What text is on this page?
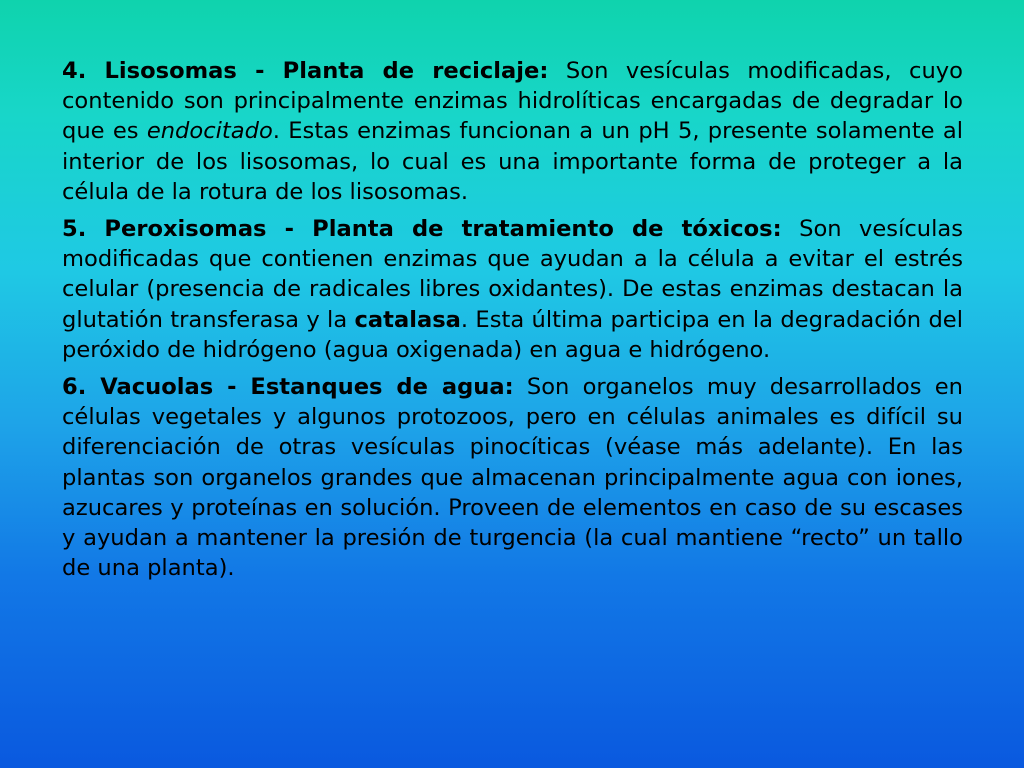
4. Lisosomas - Planta de reciclaje: Son vesículas modificadas, cuyo contenido son principalmente enzimas hidrolíticas encargadas de degradar lo que es endocitado. Estas enzimas funcionan a un pH 5, presente solamente al interior de los lisosomas, lo cual es una importante forma de proteger a la célula de la rotura de los lisosomas.

5. Peroxisomas - Planta de tratamiento de tóxicos: Son vesículas modificadas que contienen enzimas que ayudan a la célula a evitar el estrés celular (presencia de radicales libres oxidantes). De estas enzimas destacan la glutatión transferasa y la catalasa. Esta última participa en la degradación del peróxido de hidrógeno (agua oxigenada) en agua e hidrógeno.

6. Vacuolas - Estanques de agua: Son organelos muy desarrollados en células vegetales y algunos protozoos, pero en células animales es difícil su diferenciación de otras vesículas pinocíticas (véase más adelante). En las plantas son organelos grandes que almacenan principalmente agua con iones, azucares y proteínas en solución. Proveen de elementos en caso de su escases y ayudan a mantener la presión de turgencia (la cual mantiene “recto” un tallo de una planta).
